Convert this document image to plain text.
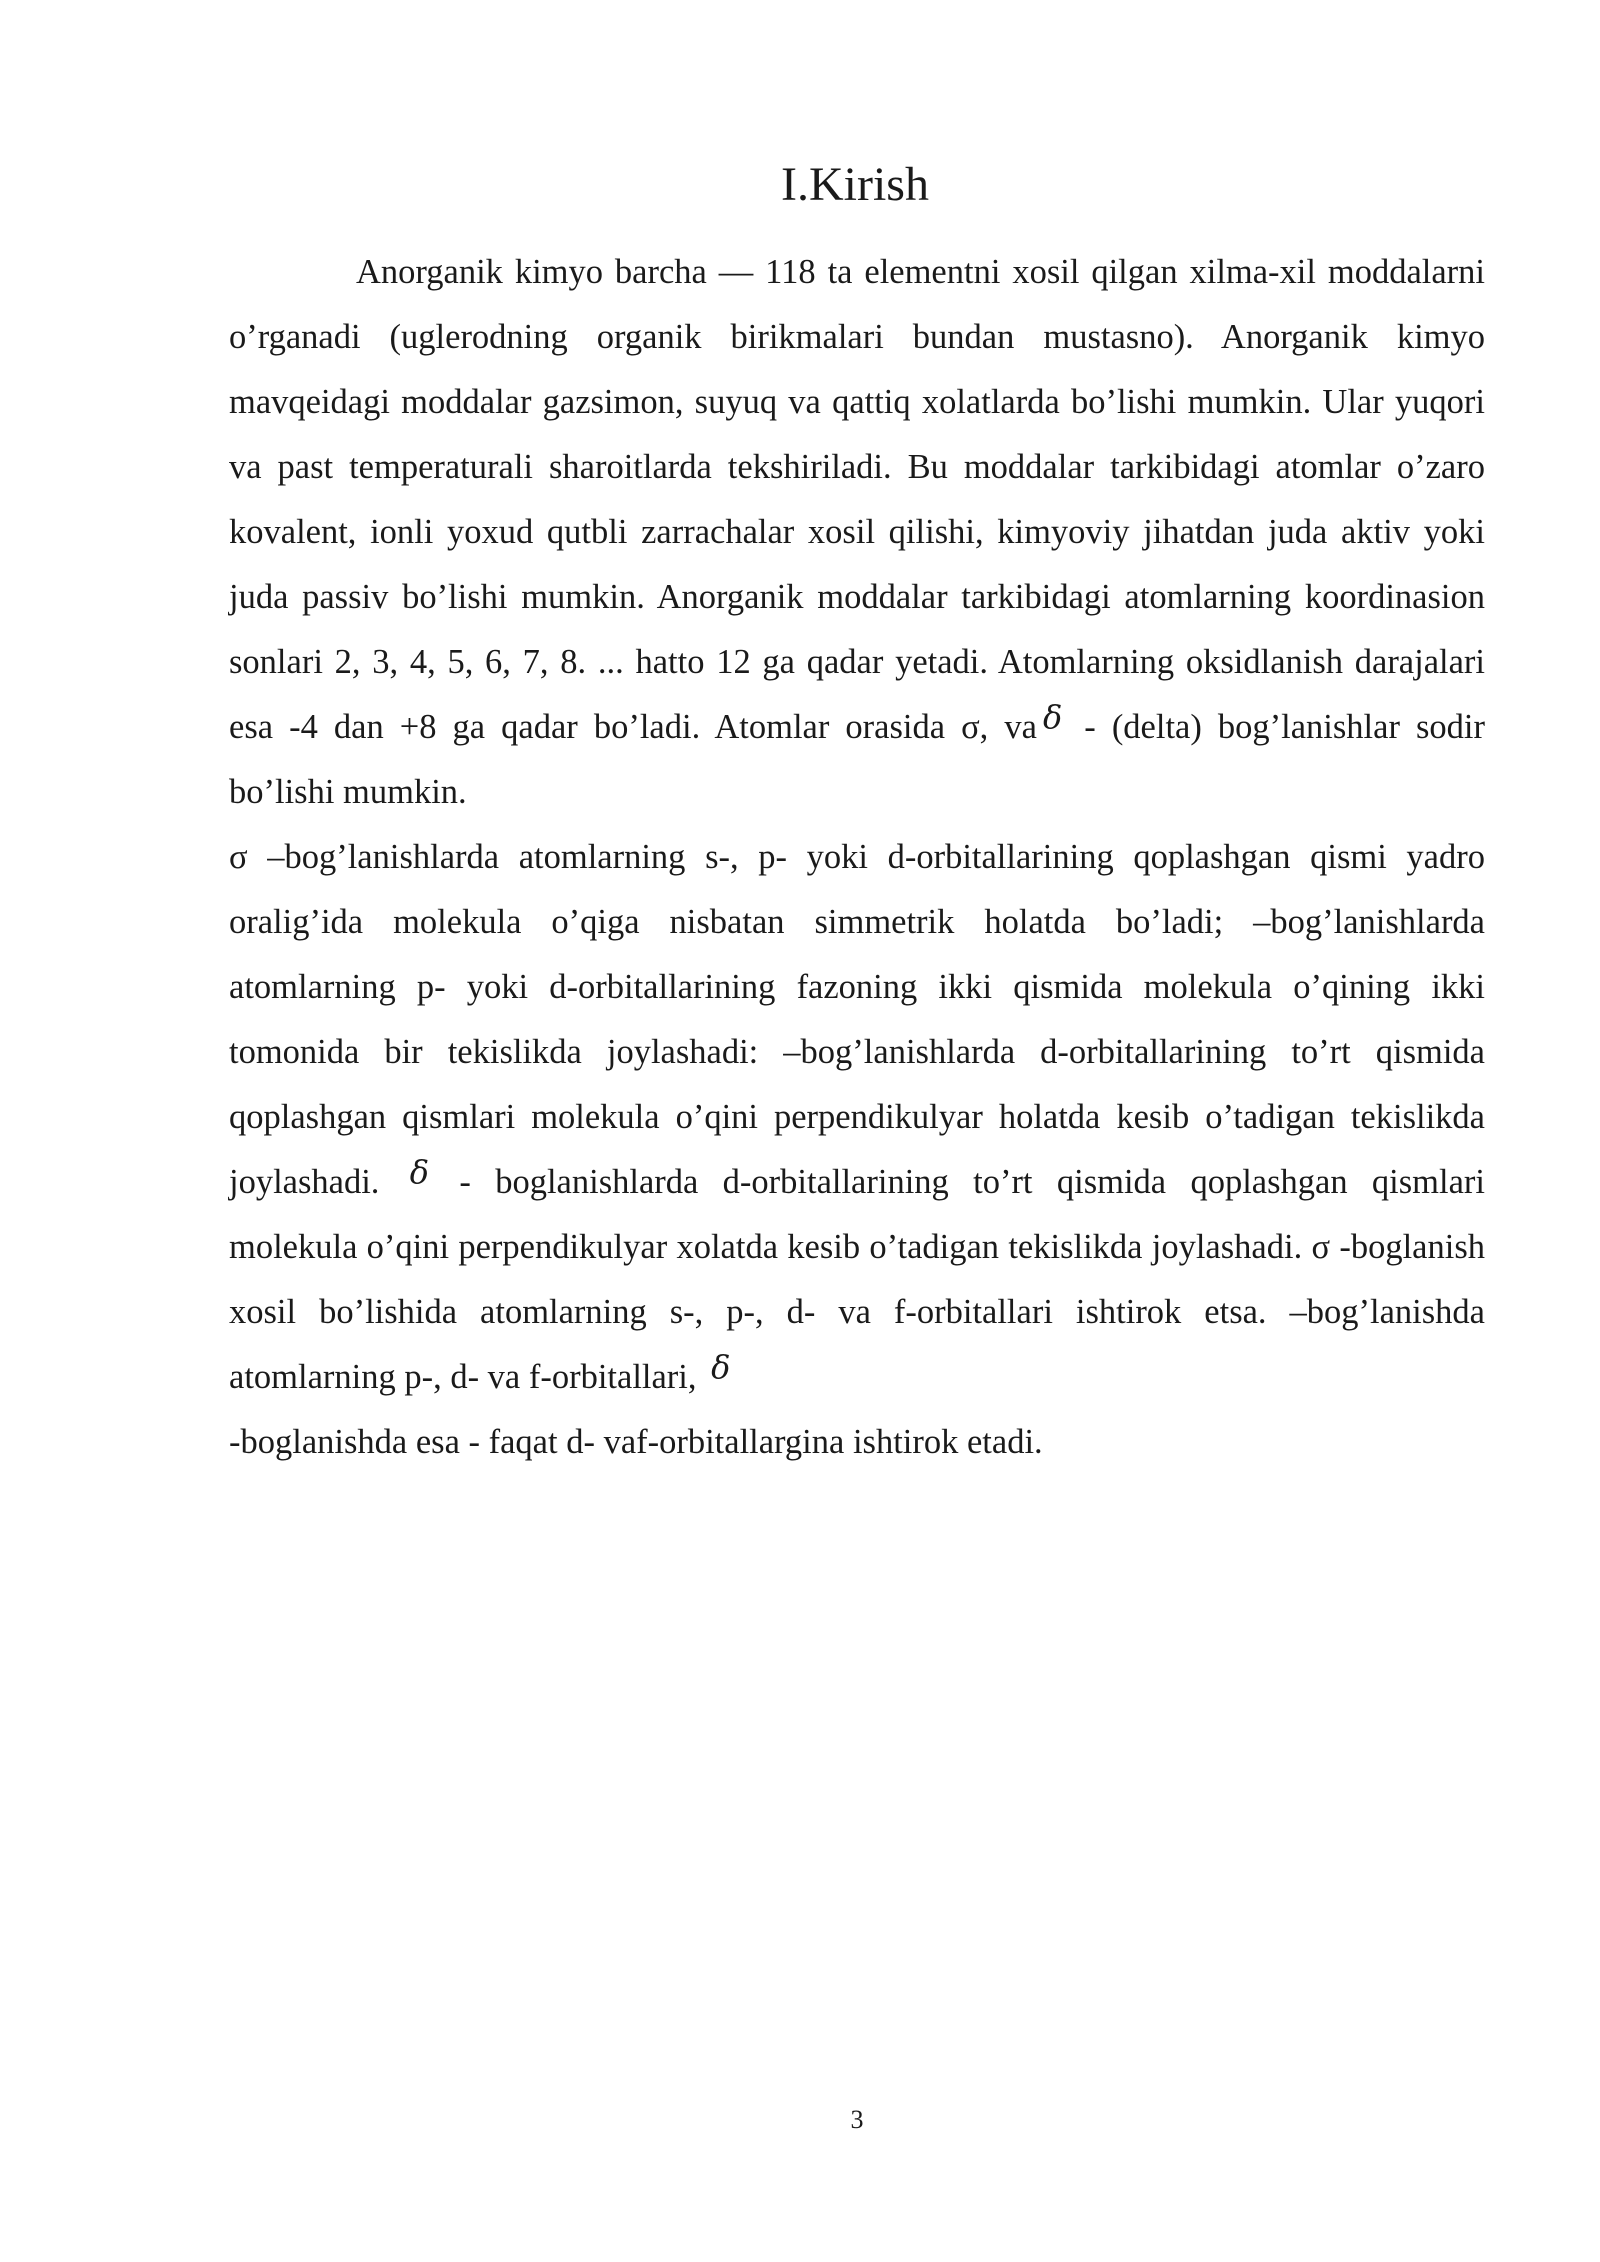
I.Kirish

Anorganik kimyo barcha — 118 ta elementni xosil qilgan xilma-xil moddalarni o’rganadi (uglerodning organik birikmalari bundan mustasno). Anorganik kimyo mavqeidagi moddalar gazsimon, suyuq va qattiq xolatlarda bo’lishi mumkin. Ular yuqori va past temperaturali sharoitlarda tekshiriladi. Bu moddalar tarkibidagi atomlar o’zaro kovalent, ionli yoxud qutbli zarrachalar xosil qilishi, kimyoviy jihatdan juda aktiv yoki juda passiv bo’lishi mumkin. Anorganik moddalar tarkibidagi atomlarning koordinasion sonlari 2, 3, 4, 5, 6, 7, 8. ... hatto 12 ga qadar yetadi. Atomlarning oksidlanish darajalari esa -4 dan +8 ga qadar bo’ladi. Atomlar orasida σ, va δ - (delta) bog’lanishlar sodir bo’lishi mumkin.

σ –bog’lanishlarda atomlarning s-, p- yoki d-orbitallarining qoplashgan qismi yadro oralig’ida molekula o’qiga nisbatan simmetrik holatda bo’ladi; –bog’lanishlarda atomlarning p- yoki d-orbitallarining fazoning ikki qismida molekula o’qining ikki tomonida bir tekislikda joylashadi: –bog’lanishlarda d-orbitallarining to’rt qismida qoplashgan qismlari molekula o’qini perpendikulyar holatda kesib o’tadigan tekislikda joylashadi. δ - boglanishlarda d-orbitallarining to’rt qismida qoplashgan qismlari molekula o’qini perpendikulyar xolatda kesib o’tadigan tekislikda joylashadi. σ -boglanish xosil bo’lishida atomlarning s-, p-, d- va f-orbitallari ishtirok etsa. –bog’lanishda atomlarning p-, d- va f-orbitallari, δ
-boglanishda esa - faqat d- vaf-orbitallargina ishtirok etadi.

3
